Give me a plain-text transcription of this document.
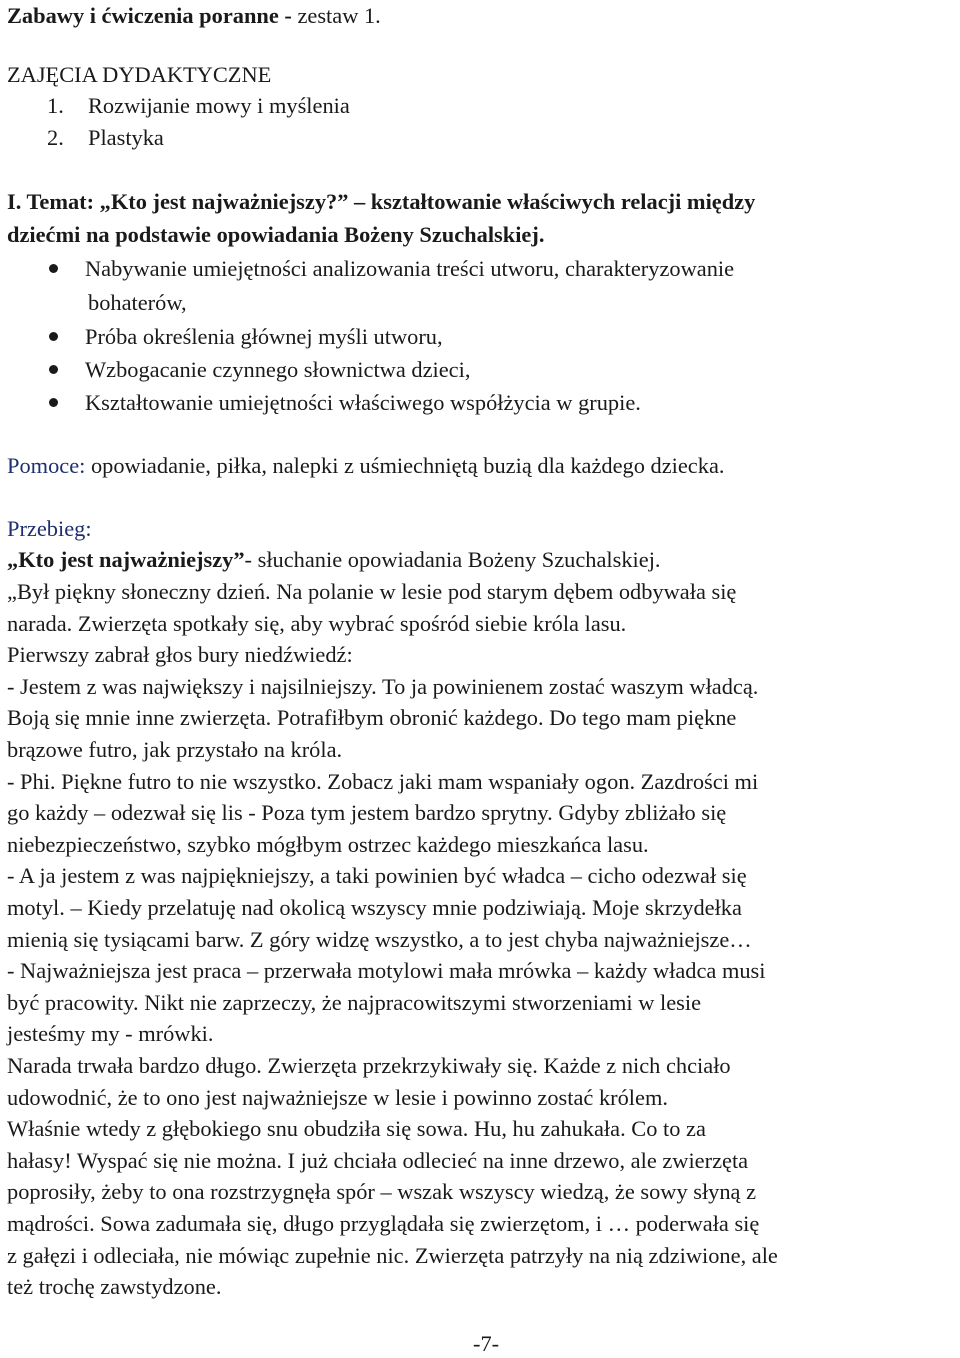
Zabawy i ćwiczenia poranne - zestaw 1.
ZAJĘCIA DYDAKTYCZNE
1. Rozwijanie mowy i myślenia
2. Plastyka
I. Temat: „Kto jest najważniejszy?” – kształtowanie właściwych relacji między
dziećmi na podstawie opowiadania Bożeny Szuchalskiej.
Nabywanie umiejętności analizowania treści utworu, charakteryzowanie
bohaterów,
Próba określenia głównej myśli utworu,
Wzbogacanie czynnego słownictwa dzieci,
Kształtowanie umiejętności właściwego współżycia w grupie.
Pomoce: opowiadanie, piłka, nalepki z uśmiechniętą buzią dla każdego dziecka.
Przebieg:
„Kto jest najważniejszy”- słuchanie opowiadania Bożeny Szuchalskiej.
„Był piękny słoneczny dzień. Na polanie w lesie pod starym dębem odbywała się
narada. Zwierzęta spotkały się, aby wybrać spośród siebie króla lasu.
Pierwszy zabrał głos bury niedźwiedź:
- Jestem z was największy i najsilniejszy. To ja powinienem zostać waszym władcą.
Boją się mnie inne zwierzęta. Potrafiłbym obronić każdego. Do tego mam piękne
brązowe futro, jak przystało na króla.
- Phi. Piękne futro to nie wszystko. Zobacz jaki mam wspaniały ogon. Zazdrości mi
go każdy – odezwał się lis - Poza tym jestem bardzo sprytny. Gdyby zbliżało się
niebezpieczeństwo, szybko mógłbym ostrzec każdego mieszkańca lasu.
- A ja jestem z was najpiękniejszy, a taki powinien być władca – cicho odezwał się
motyl. – Kiedy przelatuję nad okolicą wszyscy mnie podziwiają. Moje skrzydełka
mienią się tysiącami barw. Z góry widzę wszystko, a to jest chyba najważniejsze…
- Najważniejsza jest praca – przerwała motylowi mała mrówka – każdy władca musi
być pracowity. Nikt nie zaprzeczy, że najpracowitszymi stworzeniami w lesie
jesteśmy my - mrówki.
Narada trwała bardzo długo. Zwierzęta przekrzykiwały się. Każde z nich chciało
udowodnić, że to ono jest najważniejsze w lesie i powinno zostać królem.
Właśnie wtedy z głębokiego snu obudziła się sowa. Hu, hu zahukała. Co to za
hałasy! Wyspać się nie można. I już chciała odlecieć na inne drzewo, ale zwierzęta
poprosiły, żeby to ona rozstrzygnęła spór – wszak wszyscy wiedzą, że sowy słyną z
mądrości. Sowa zadumała się, długo przyglądała się zwierzętom, i … poderwała się
z gałęzi i odleciała, nie mówiąc zupełnie nic. Zwierzęta patrzyły na nią zdziwione, ale
też trochę zawstydzone.
-7-
